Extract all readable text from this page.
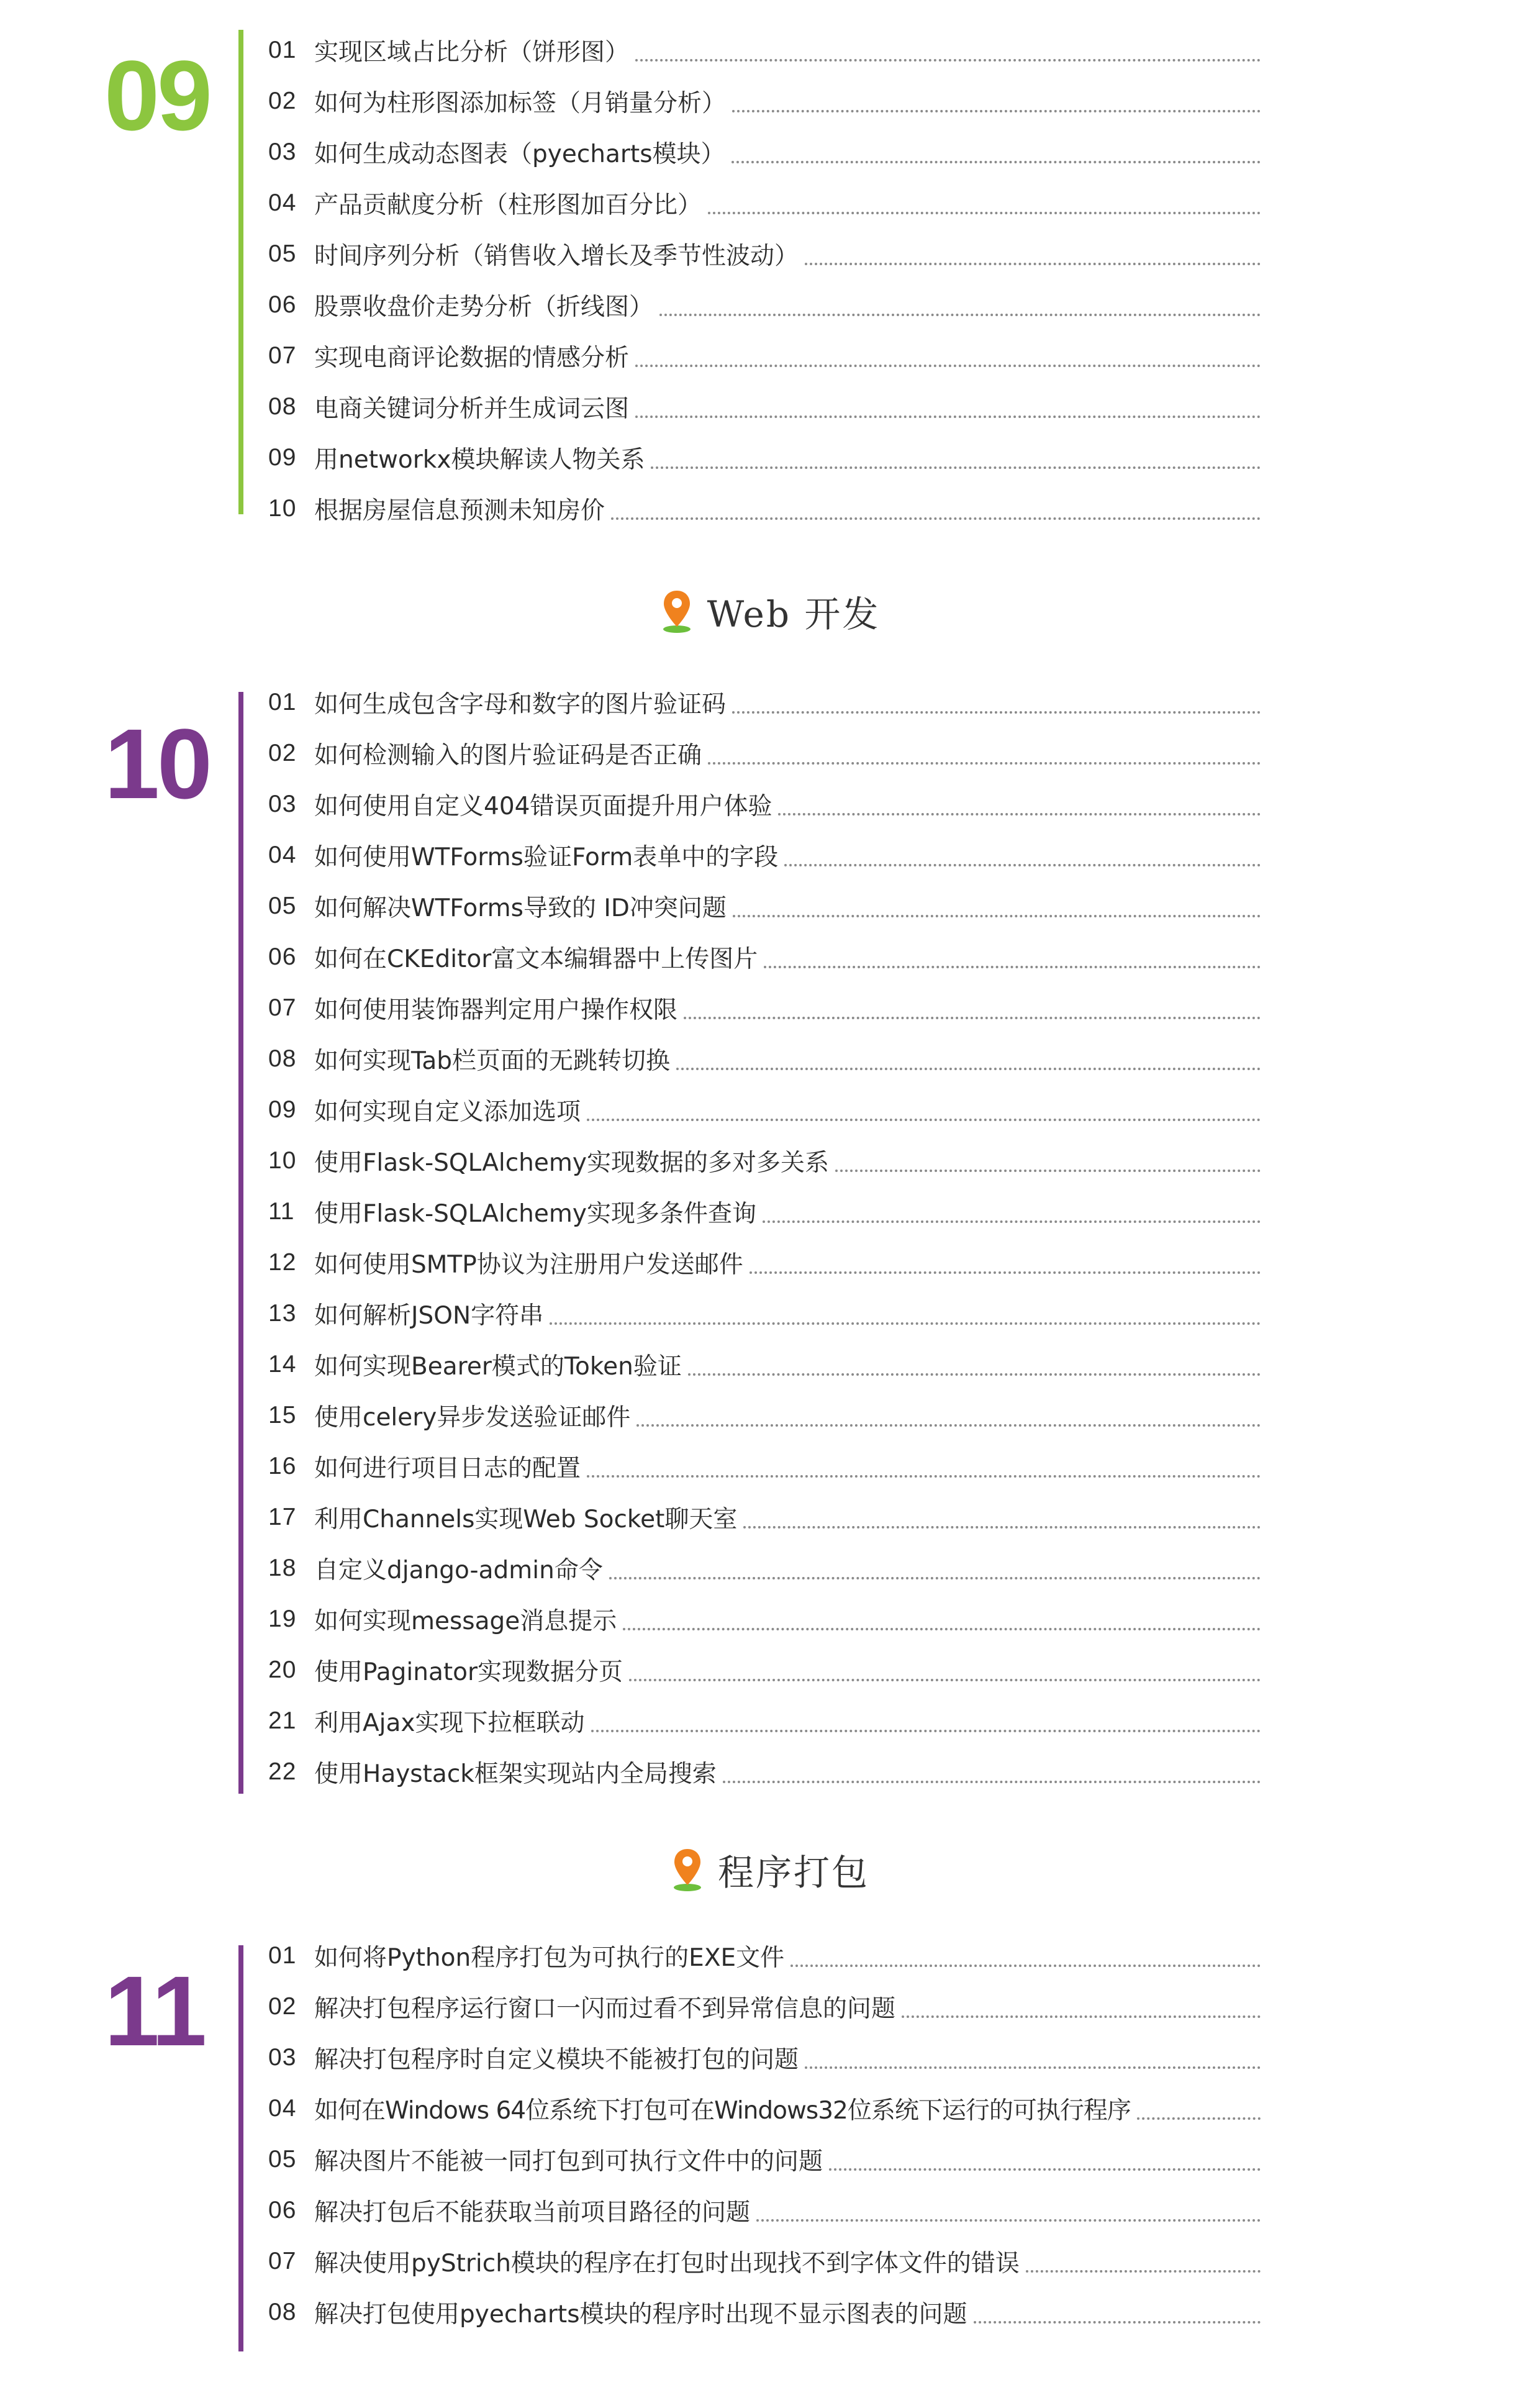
09 01 实现区域占比分析（饼形图）
02 如何为柱形图添加标签（月销量分析）
03 如何生成动态图表（pyecharts模块）
04 产品贡献度分析（柱形图加百分比）
05 时间序列分析（销售收入增长及季节性波动）
06 股票收盘价走势分析（折线图）
07 实现电商评论数据的情感分析
08 电商关键词分析并生成词云图
09 用networkx模块解读人物关系
10 根据房屋信息预测未知房价
Web 开发
10
01 如何生成包含字母和数字的图片验证码
02 如何检测输入的图片验证码是否正确
03 如何使用自定义404错误页面提升用户体验
04 如何使用WTForms验证Form表单中的字段
05 如何解决WTForms导致的 ID冲突问题
06 如何在CKEditor富文本编辑器中上传图片
07 如何使用装饰器判定用户操作权限
08 如何实现Tab栏页面的无跳转切换
09 如何实现自定义添加选项
10 使用Flask-SQLAlchemy实现数据的多对多关系
11 使用Flask-SQLAlchemy实现多条件查询
12 如何使用SMTP协议为注册用户发送邮件
13 如何解析JSON字符串
14 如何实现Bearer模式的Token验证
15 使用celery异步发送验证邮件
16 如何进行项目日志的配置
17 利用Channels实现Web Socket聊天室
18 自定义django-admin命令
19 如何实现message消息提示
20 使用Paginator实现数据分页
21 利用Ajax实现下拉框联动
22 使用Haystack框架实现站内全局搜索
程序打包
11	01 如何将Python程序打包为可执行的EXE文件
02 解决打包程序运行窗口一闪而过看不到异常信息的问题
03 解决打包程序时自定义模块不能被打包的问题
04 如何在Windows 64位系统下打包可在Windows32位系统下运行的可执行程序
05 解决图片不能被一同打包到可执行文件中的问题
06 解决打包后不能获取当前项目路径的问题
07 解决使用pyStrich模块的程序在打包时出现找不到字体文件的错误
08 解决打包使用pyecharts模块的程序时出现不显示图表的问题
